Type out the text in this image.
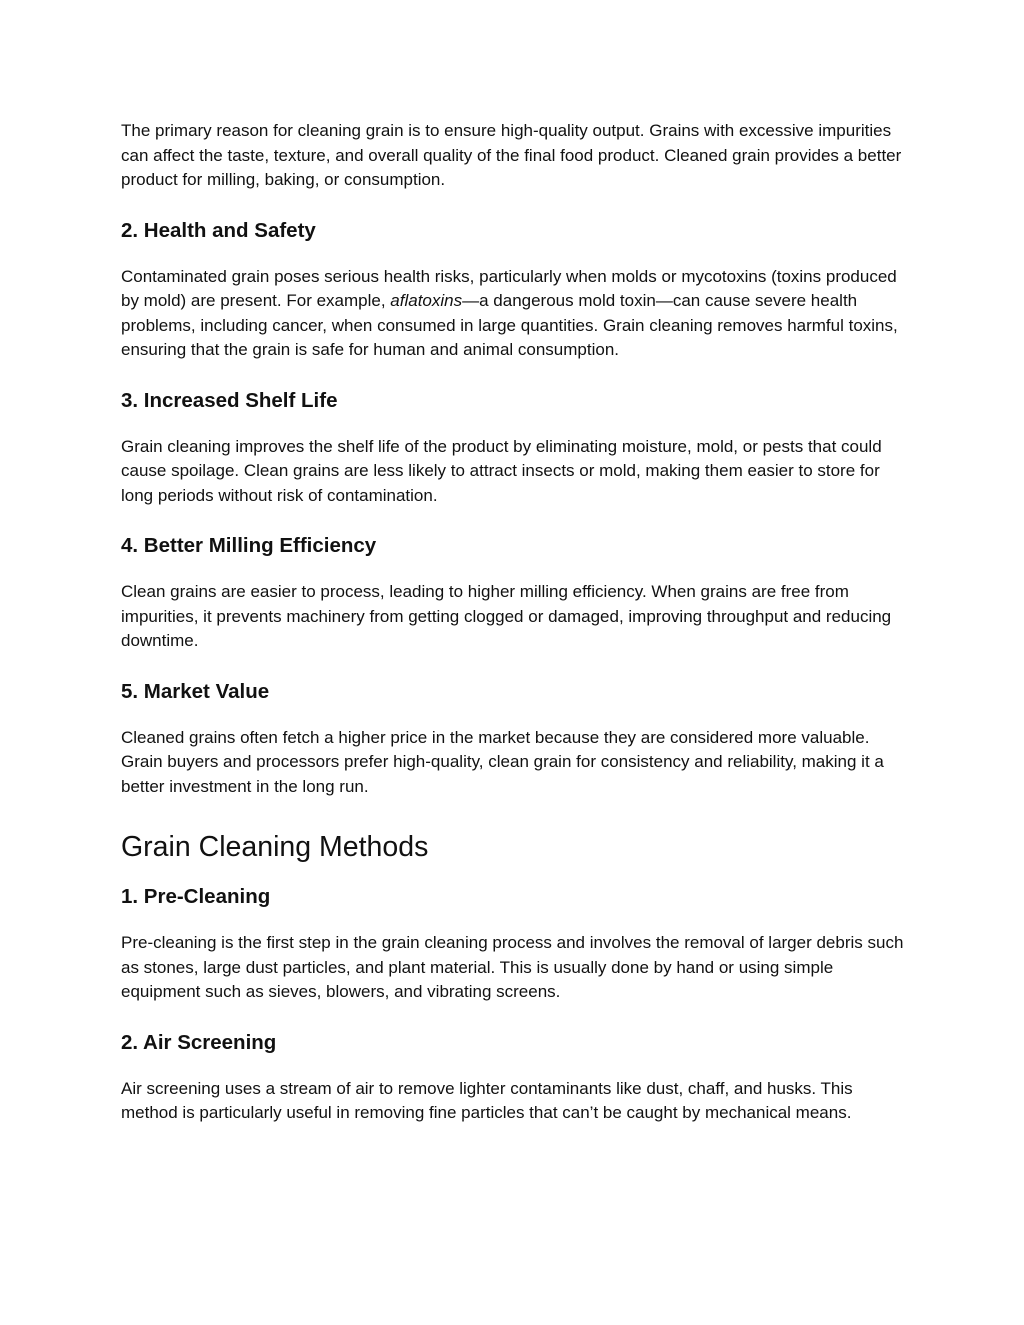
The primary reason for cleaning grain is to ensure high-quality output. Grains with excessive impurities can affect the taste, texture, and overall quality of the final food product. Cleaned grain provides a better product for milling, baking, or consumption.

2. Health and Safety

Contaminated grain poses serious health risks, particularly when molds or mycotoxins (toxins produced by mold) are present. For example, aflatoxins—a dangerous mold toxin—can cause severe health problems, including cancer, when consumed in large quantities. Grain cleaning removes harmful toxins, ensuring that the grain is safe for human and animal consumption.

3. Increased Shelf Life

Grain cleaning improves the shelf life of the product by eliminating moisture, mold, or pests that could cause spoilage. Clean grains are less likely to attract insects or mold, making them easier to store for long periods without risk of contamination.

4. Better Milling Efficiency

Clean grains are easier to process, leading to higher milling efficiency. When grains are free from impurities, it prevents machinery from getting clogged or damaged, improving throughput and reducing downtime.

5. Market Value

Cleaned grains often fetch a higher price in the market because they are considered more valuable. Grain buyers and processors prefer high-quality, clean grain for consistency and reliability, making it a better investment in the long run.

Grain Cleaning Methods
1. Pre-Cleaning

Pre-cleaning is the first step in the grain cleaning process and involves the removal of larger debris such as stones, large dust particles, and plant material. This is usually done by hand or using simple equipment such as sieves, blowers, and vibrating screens.

2. Air Screening

Air screening uses a stream of air to remove lighter contaminants like dust, chaff, and husks. This method is particularly useful in removing fine particles that can’t be caught by mechanical means.
